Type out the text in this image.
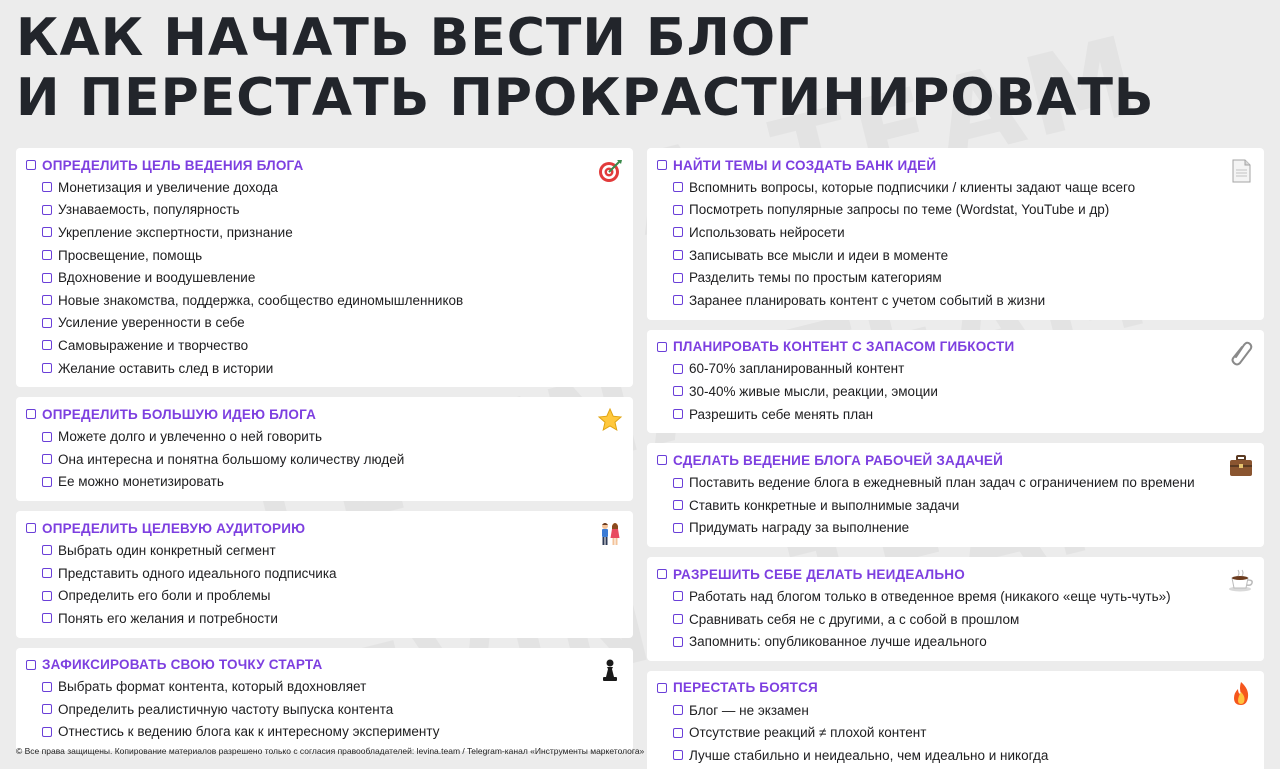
КАК НАЧАТЬ ВЕСТИ БЛОГ
И ПЕРЕСТАТЬ ПРОКРАСТИНИРОВАТЬ
ОПРЕДЕЛИТЬ ЦЕЛЬ ВЕДЕНИЯ БЛОГА
Монетизация и увеличение дохода
Узнаваемость, популярность
Укрепление экспертности, признание
Просвещение, помощь
Вдохновение и воодушевление
Новые знакомства, поддержка, сообщество единомышленников
Усиление уверенности в себе
Самовыражение и творчество
Желание оставить след в истории
ОПРЕДЕЛИТЬ БОЛЬШУЮ ИДЕЮ БЛОГА
Можете долго и увлеченно о ней говорить
Она интересна и понятна большому количеству людей
Ее можно монетизировать
ОПРЕДЕЛИТЬ ЦЕЛЕВУЮ АУДИТОРИЮ
Выбрать один конкретный сегмент
Представить одного идеального подписчика
Определить его боли и проблемы
Понять его желания и потребности
ЗАФИКСИРОВАТЬ СВОЮ ТОЧКУ СТАРТА
Выбрать формат контента, который вдохновляет
Определить реалистичную частоту выпуска контента
Отнестись к ведению блога как к интересному эксперименту
НАЙТИ ТЕМЫ И СОЗДАТЬ БАНК ИДЕЙ
Вспомнить вопросы, которые подписчики / клиенты задают чаще всего
Посмотреть популярные запросы по теме (Wordstat, YouTube и др)
Использовать нейросети
Записывать все мысли и идеи в моменте
Разделить темы по простым категориям
Заранее планировать контент с учетом событий в жизни
ПЛАНИРОВАТЬ КОНТЕНТ С ЗАПАСОМ ГИБКОСТИ
60-70% запланированный контент
30-40% живые мысли, реакции, эмоции
Разрешить себе менять план
СДЕЛАТЬ ВЕДЕНИЕ БЛОГА РАБОЧЕЙ ЗАДАЧЕЙ
Поставить ведение блога в ежедневный план задач с ограничением по времени
Ставить конкретные и выполнимые задачи
Придумать награду за выполнение
РАЗРЕШИТЬ СЕБЕ ДЕЛАТЬ НЕИДЕАЛЬНО
Работать над блогом только в отведенное время (никакого «еще чуть-чуть»)
Сравнивать себя не с другими, а с собой в прошлом
Запомнить: опубликованное лучше идеального
ПЕРЕСТАТЬ БОЯТСЯ
Блог — не экзамен
Отсутствие реакций ≠ плохой контент
Лучше стабильно и неидеально, чем идеально и никогда
© Все права защищены. Копирование материалов разрешено только с согласия правообладателей: levina.team / Telegram-канал «Инструменты маркетолога»
